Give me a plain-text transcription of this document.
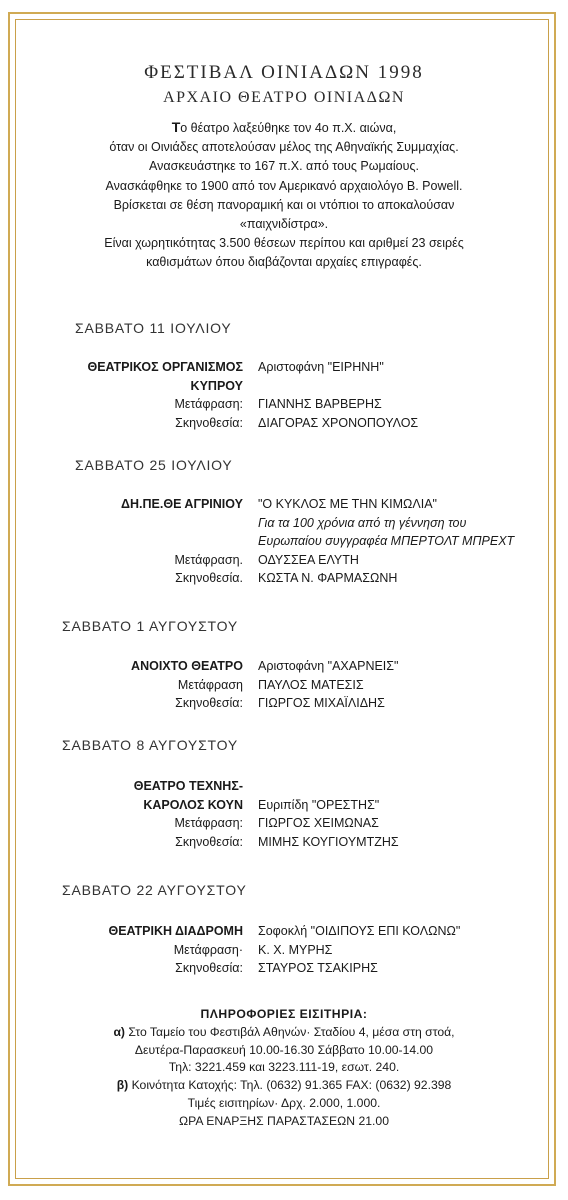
ΦΕΣΤΙΒΑΛ ΟΙΝΙΑΔΩΝ 1998
ΑΡΧΑΙΟ ΘΕΑΤΡΟ ΟΙΝΙΑΔΩΝ
Το θέατρο λαξεύθηκε τον 4ο π.Χ. αιώνα,
όταν οι Οινιάδες αποτελούσαν μέλος της Αθηναϊκής Συμμαχίας.
Ανασκευάστηκε το 167 π.Χ. από τους Ρωμαίους.
Ανασκάφθηκε το 1900 από τον Αμερικανό αρχαιολόγο Β. Powell.
Βρίσκεται σε θέση πανοραμική και οι ντόπιοι το αποκαλούσαν
«παιχνιδίστρα».
Είναι χωρητικότητας 3.500 θέσεων περίπου και αριθμεί 23 σειρές
καθισμάτων όπου διαβάζονται αρχαίες επιγραφές.
ΣΑΒΒΑΤΟ 11 ΙΟΥΛΙΟΥ
ΘΕΑΤΡΙΚΟΣ ΟΡΓΑΝΙΣΜΟΣ Αριστοφάνη "ΕΙΡΗΝΗ"
ΚΥΠΡΟΥ
Μετάφραση: ΓΙΑΝΝΗΣ ΒΑΡΒΕΡΗΣ
Σκηνοθεσία: ΔΙΑΓΟΡΑΣ ΧΡΟΝΟΠΟΥΛΟΣ
ΣΑΒΒΑΤΟ 25 ΙΟΥΛΙΟΥ
ΔΗ.ΠΕ.ΘΕ ΑΓΡΙΝΙΟΥ "Ο ΚΥΚΛΟΣ ΜΕ ΤΗΝ ΚΙΜΩΛΙΑ"
Για τα 100 χρόνια από τη γέννηση του
Ευρωπαίου συγγραφέα ΜΠΕΡΤΟΛΤ ΜΠΡΕΧΤ
Μετάφραση. ΟΔΥΣΣΕΑ ΕΛΥΤΗ
Σκηνοθεσία. ΚΩΣΤΑ Ν. ΦΑΡΜΑΣΩΝΗ
ΣΑΒΒΑΤΟ 1 ΑΥΓΟΥΣΤΟΥ
ΑΝΟΙΧΤΟ ΘΕΑΤΡΟ Αριστοφάνη "ΑΧΑΡΝΕΙΣ"
Μετάφραση ΠΑΥΛΟΣ ΜΑΤΕΣΙΣ
Σκηνοθεσία: ΓΙΩΡΓΟΣ ΜΙΧΑΪΛΙΔΗΣ
ΣΑΒΒΑΤΟ 8 ΑΥΓΟΥΣΤΟΥ
ΘΕΑΤΡΟ ΤΕΧΝΗΣ-
ΚΑΡΟΛΟΣ ΚΟΥΝ Ευριπίδη "ΟΡΕΣΤΗΣ"
Μετάφραση: ΓΙΩΡΓΟΣ ΧΕΙΜΩΝΑΣ
Σκηνοθεσία: ΜΙΜΗΣ ΚΟΥΓΙΟΥΜΤΖΗΣ
ΣΑΒΒΑΤΟ 22 ΑΥΓΟΥΣΤΟΥ
ΘΕΑΤΡΙΚΗ ΔΙΑΔΡΟΜΗ Σοφοκλή "ΟΙΔΙΠΟΥΣ ΕΠΙ ΚΟΛΩΝΩ"
Μετάφραση· Κ. Χ. ΜΥΡΗΣ
Σκηνοθεσία: ΣΤΑΥΡΟΣ ΤΣΑΚΙΡΗΣ
ΠΛΗΡΟΦΟΡΙΕΣ ΕΙΣΙΤΗΡΙΑ:
α) Στο Ταμείο του Φεστιβάλ Αθηνών· Σταδίου 4, μέσα στη στοά,
Δευτέρα-Παρασκευή 10.00-16.30 Σάββατο 10.00-14.00
Τηλ: 3221.459 και 3223.111-19, εσωτ. 240.
β) Κοινότητα Κατοχής: Τηλ. (0632) 91.365 FAX: (0632) 92.398
Τιμές εισιτηρίων· Δρχ. 2.000, 1.000.
ΩΡΑ ΕΝΑΡΞΗΣ ΠΑΡΑΣΤΑΣΕΩΝ 21.00
